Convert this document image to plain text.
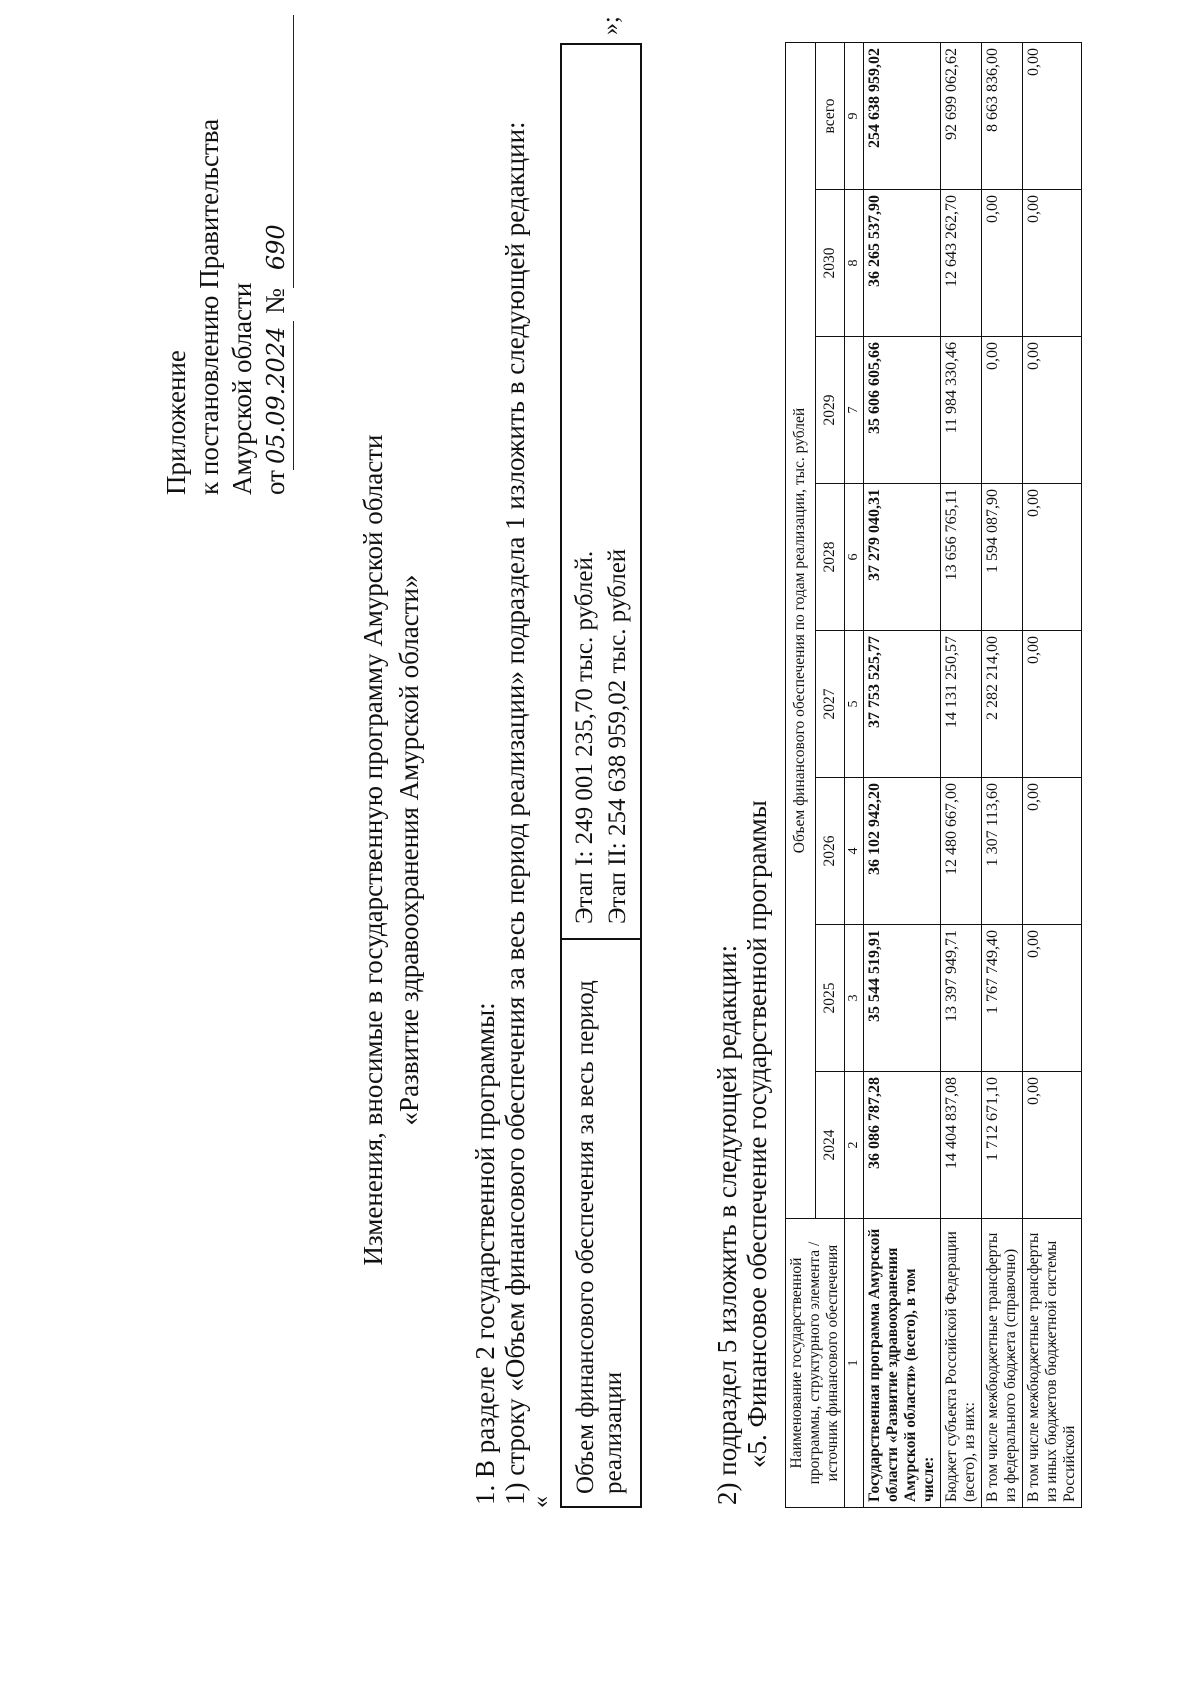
Приложение к постановлению Правительства Амурской области от05.09.2024 №690
Изменения, вносимые в государственную программу Амурской области «Развитие здравоохранения Амурской области»
1. В разделе 2 государственной программы: 1) строку «Объем финансового обеспечения за весь период реализации» подраздела 1 изложить в следующей редакции:
«
Объем финансового обеспечения за весь период реализации
Этап I: 249 001 235,70 тыс. рублей. Этап II: 254 638 959,02 тыс. рублей
»;
2) подраздел 5 изложить в следующей редакции: «5. Финансовое обеспечение государственной программы Наименование государственной программы, структурного элемента / источник финансового обеспечения	Объем финансового обеспечения по годам реализации, тыс. рублей							
	2024	2025	2026	2027	2028	2029	2030	всего
1	2	3	4	5	6	7	8	9
Государственная программа Амурской области «Развитие здравоохранения Амурской области» (всего), в том числе:	36 086 787,28	35 544 519,91	36 102 942,20	37 753 525,77	37 279 040,31	35 606 605,66	36 265 537,90	254 638 959,02
Бюджет субъекта Российской Федерации (всего), из них:	14 404 837,08	13 397 949,71	12 480 667,00	14 131 250,57	13 656 765,11	11 984 330,46	12 643 262,70	92 699 062,62
В том числе межбюджетные трансферты из федерального бюджета (справочно)	1 712 671,10	1 767 749,40	1 307 113,60	2 282 214,00	1 594 087,90	0,00	0,00	8 663 836,00
В том числе межбюджетные трансферты из иных бюджетов бюджетной системы Российской	0,00	0,00	0,00	0,00	0,00	0,00	0,00	0,00
